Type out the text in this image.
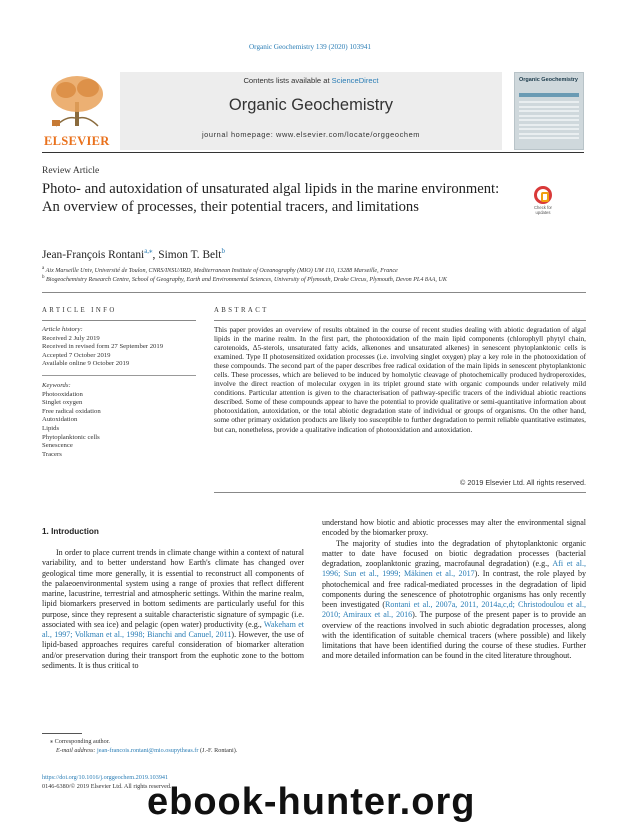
Organic Geochemistry 139 (2020) 103941
ELSEVIER
Contents lists available at ScienceDirect
Organic Geochemistry
journal homepage: www.elsevier.com/locate/orggeochem
Organic Geochemistry
Review Article
Photo- and autoxidation of unsaturated algal lipids in the marine environment: An overview of processes, their potential tracers, and limitations	Check for updates
Jean-François Rontani$^{a,⁎}$, Simon T. Belt$^b$
$^a$ Aix Marseille Univ, Université de Toulon, CNRS/INSU/IRD, Mediterranean Institute of Oceanography (MIO) UM 110, 13288 Marseille, France
$^b$ Biogeochemistry Research Centre, School of Geography, Earth and Environmental Sciences, University of Plymouth, Drake Circus, Plymouth, Devon PL4 8AA, UK
ARTICLE INFO	ABSTRACT
Article history:
Received 2 July 2019
Received in revised form 27 September 2019
Accepted 7 October 2019
Available online 9 October 2019
Keywords:
Photooxidation
Singlet oxygen
Free radical oxidation
Autoxidation
Lipids
Phytoplanktonic cells
Senescence
Tracers
This paper provides an overview of results obtained in the course of recent studies dealing with abiotic degradation of algal lipids in the marine realm. In the first part, the photooxidation of the main lipid components (chlorophyll phytyl chain, carotenoids, Δ5-sterols, unsaturated fatty acids, alkenones and unsaturated alkenes) in senescent phytoplanktonic cells is examined. Type II photosensitized oxidation processes (i.e. involving singlet oxygen) play a key role in the photooxidation of these compounds. The second part of the paper describes free radical oxidation of the main lipids in senescent phytoplanktonic cells. These processes, which are believed to be induced by homolytic cleavage of photochemically produced hydroperoxides, involve the direct reaction of molecular oxygen in its triplet ground state with organic compounds under relatively mild conditions. Particular attention is given to the characterisation of pathway-specific tracers of the individual abiotic reactions described. Some of these compounds appear to have the potential to provide qualitative or semi-quantitative information about photooxidation, autoxidation, or the total abiotic degradation state of individual or groups of organisms. On the other hand, some other primary oxidation products are likely too susceptible to further degradation to permit reliable quantitative estimates, but can, nonetheless, provide a qualitative indication of photooxidation and autoxidation.
© 2019 Elsevier Ltd. All rights reserved.
1. Introduction
In order to place current trends in climate change within a context of natural variability, and to better understand how Earth's climate has changed over geological time more generally, it is essential to reconstruct all components of the palaeoenvironmental system using a range of proxies that reflect different marine, lacustrine, terrestrial and atmospheric settings. Within the marine realm, lipid biomarkers preserved in bottom sediments are particularly useful for this purpose, since they represent a suitable characteristic signature of sympagic (i.e. associated with sea ice) and pelagic (open water) productivity (e.g., Wakeham et al., 1997; Volkman et al., 1998; Bianchi and Canuel, 2011). However, the use of lipid-based approaches requires careful consideration of biomarker alteration and/or preservation during their transport from the euphotic zone to the bottom sediments. It is thus critical to

understand how biotic and abiotic processes may alter the environmental signal encoded by the biomarker proxy.

The majority of studies into the degradation of phytoplanktonic organic matter to date have focused on biotic degradation processes (bacterial degradation, zooplanktonic grazing, macrofaunal degradation) (e.g., Afi et al., 1996; Sun et al., 1999; Mäkinen et al., 2017). In contrast, the role played by photochemical and free radical-mediated processes in the degradation of lipid components during the senescence of phototrophic organisms has only recently been investigated (Rontani et al., 2007a, 2011, 2014a,c,d; Christodoulou et al., 2010; Amiraux et al., 2016). The purpose of the present paper is to provide an overview of the reactions involved in such abiotic degradation processes, along with the identification of suitable chemical tracers (where possible) and likely limitations that have been identified during the course of these studies. Further and more detailed information can be found in the cited literature throughout.

⁎ Corresponding author.
E-mail address: jean-francois.rontani@mio.osupytheas.fr (J.-F. Rontani).
https://doi.org/10.1016/j.orggeochem.2019.103941
0146-6380/© 2019 Elsevier Ltd. All rights reserved.
ebook-hunter.org
